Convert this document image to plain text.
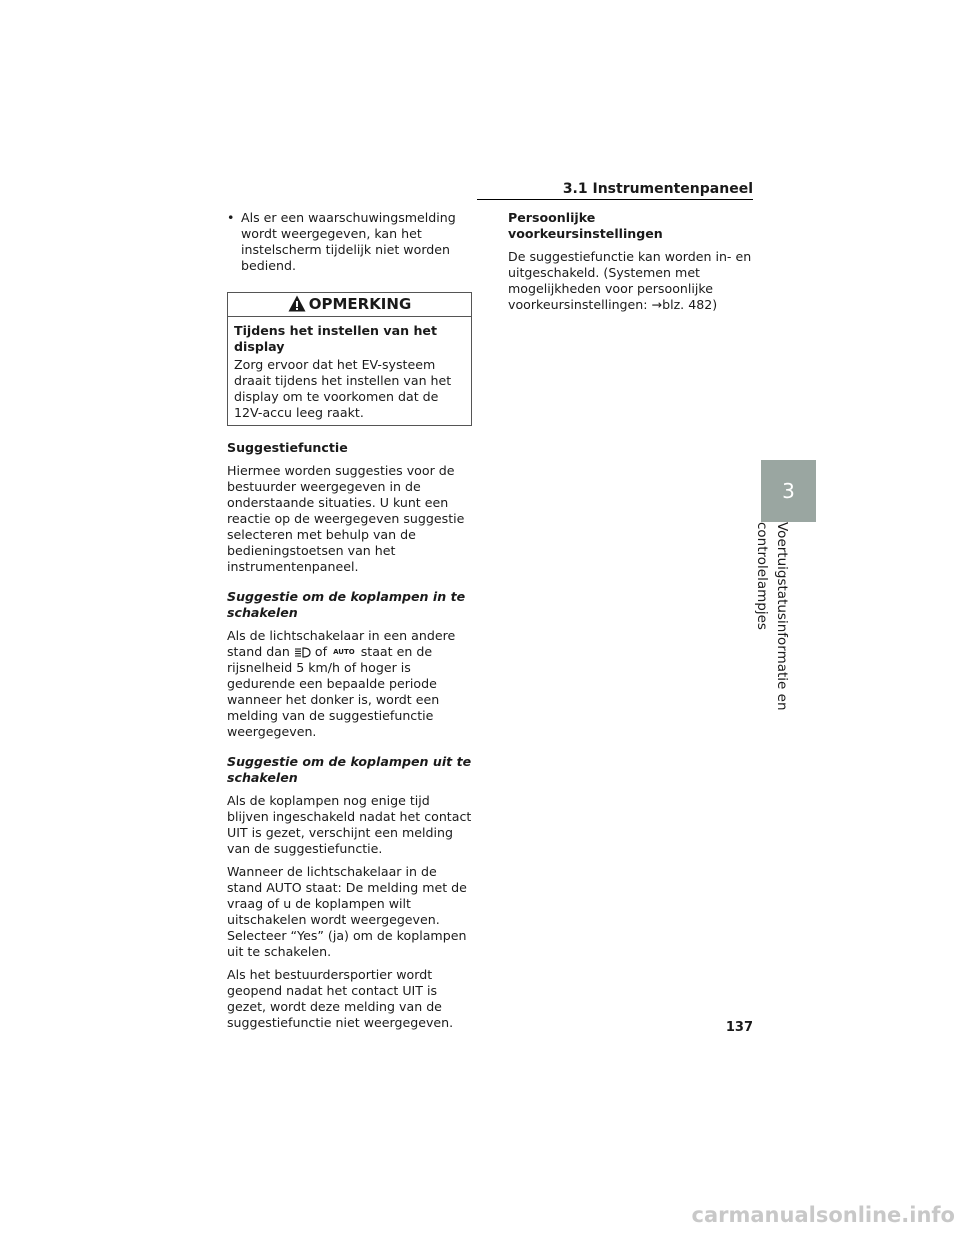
3.1 Instrumentenpaneel
• Als er een waarschuwingsmelding wordt weergegeven, kan het instelscherm tijdelijk niet worden bediend.
OPMERKING

Tijdens het instellen van het display

Zorg ervoor dat het EV-systeem draait tijdens het instellen van het display om te voorkomen dat de 12V-accu leeg raakt.

Suggestiefunctie

Hiermee worden suggesties voor de bestuurder weergegeven in de onderstaande situaties. U kunt een reactie op de weergegeven suggestie selecteren met behulp van de bedieningstoetsen van het instrumentenpaneel.

Suggestie om de koplampen in te schakelen

Als de lichtschakelaar in een andere stand dan of AUTO staat en de rijsnelheid 5 km/h of hoger is gedurende een bepaalde periode wanneer het donker is, wordt een melding van de suggestiefunctie weergegeven.

Suggestie om de koplampen uit te schakelen

Als de koplampen nog enige tijd blijven ingeschakeld nadat het contact UIT is gezet, verschijnt een melding van de suggestiefunctie.

Wanneer de lichtschakelaar in de stand AUTO staat: De melding met de vraag of u de koplampen wilt uitschakelen wordt weergegeven. Selecteer “Yes” (ja) om de koplampen uit te schakelen.

Als het bestuurdersportier wordt geopend nadat het contact UIT is gezet, wordt deze melding van de suggestiefunctie niet weergegeven.

Persoonlijke voorkeursinstellingen

De suggestiefunctie kan worden in- en uitgeschakeld. (Systemen met mogelijkheden voor persoonlijke voorkeursinstellingen: →blz. 482)

3
Voertuigstatusinformatie en controlelampjes
137
carmanualsonline.info
